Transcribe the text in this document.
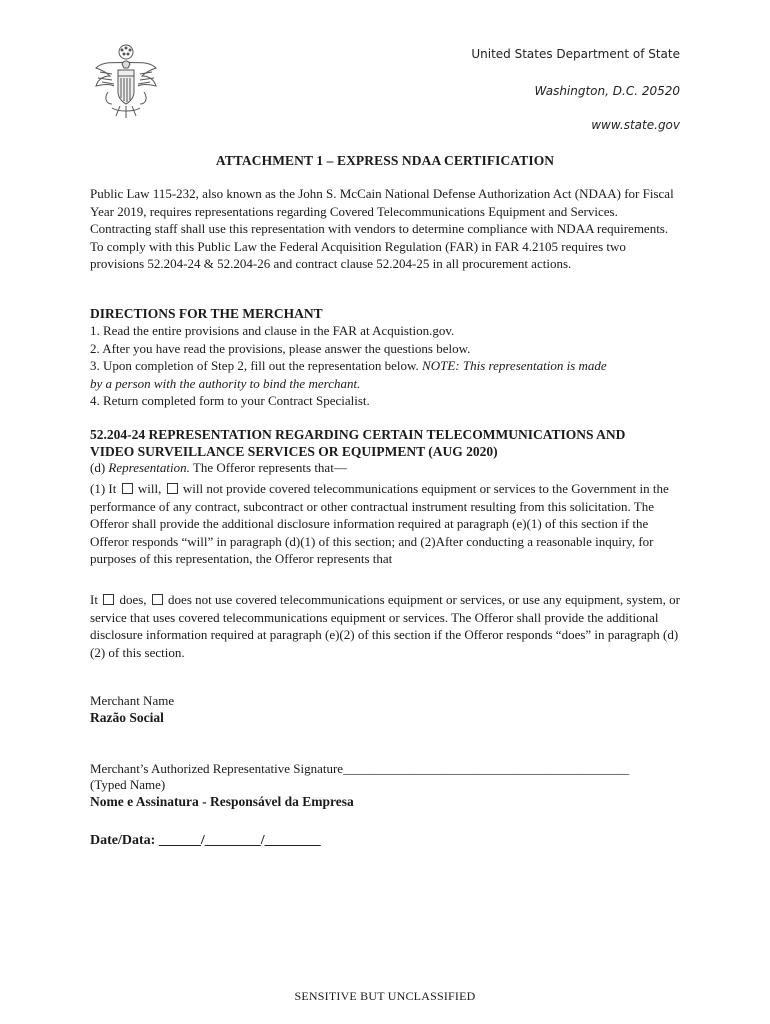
United States Department of State
Washington, D.C. 20520
www.state.gov
ATTACHMENT 1 – EXPRESS NDAA CERTIFICATION
Public Law 115-232, also known as the John S. McCain National Defense Authorization Act (NDAA) for Fiscal Year 2019, requires representations regarding Covered Telecommunications Equipment and Services. Contracting staff shall use this representation with vendors to determine compliance with NDAA requirements. To comply with this Public Law the Federal Acquisition Regulation (FAR) in FAR 4.2105 requires two provisions 52.204-24 & 52.204-26 and contract clause 52.204-25 in all procurement actions.
DIRECTIONS FOR THE MERCHANT
1. Read the entire provisions and clause in the FAR at Acquistion.gov.
2. After you have read the provisions, please answer the questions below.
3. Upon completion of Step 2, fill out the representation below. NOTE: This representation is made
by a person with the authority to bind the merchant.
4. Return completed form to your Contract Specialist.
52.204-24 REPRESENTATION REGARDING CERTAIN TELECOMMUNICATIONS AND
VIDEO SURVEILLANCE SERVICES OR EQUIPMENT (AUG 2020)
(d) Representation. The Offeror represents that—
(1) It will, will not provide covered telecommunications equipment or services to the Government in the performance of any contract, subcontract or other contractual instrument resulting from this solicitation. The Offeror shall provide the additional disclosure information required at paragraph (e)(1) of this section if the Offeror responds “will” in paragraph (d)(1) of this section; and (2)After conducting a reasonable inquiry, for purposes of this representation, the Offeror represents that
It does, does not use covered telecommunications equipment or services, or use any equipment, system, or service that uses covered telecommunications equipment or services. The Offeror shall provide the additional disclosure information required at paragraph (e)(2) of this section if the Offeror responds “does” in paragraph (d)(2) of this section.
Merchant Name
Razão Social
Merchant’s Authorized Representative Signature____________________________________________
(Typed Name)
Nome e Assinatura - Responsável da Empresa
Date/Data: ______/________/________
SENSITIVE BUT UNCLASSIFIED
